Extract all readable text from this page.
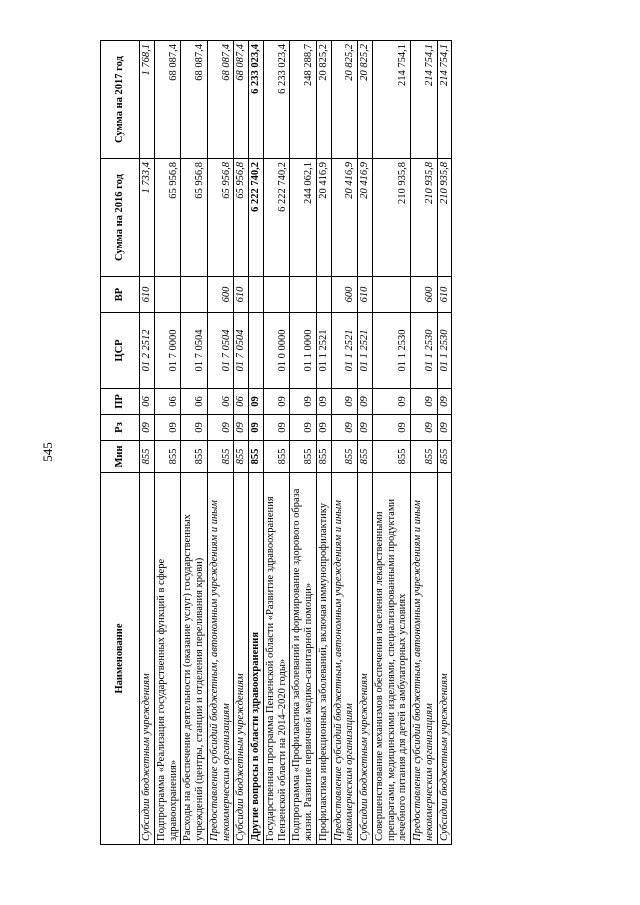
545
Наименование	Мин	Рз	ПР	ЦСР	ВР	Сумма на 2016 год	Сумма на 2017 год
Субсидии бюджетным учреждениям	855	09	06	01 2 2512	610	1 733,4	1 768,1
Подпрограмма «Реализация государственных функций в сфере здравоохранения»	855	09	06	01 7 0000		65 956,8	68 087,4
Расходы на обеспечение деятельности (оказание услуг) государственных учреждений (центры, станции и отделения переливания крови)	855	09	06	01 7 0504		65 956,8	68 087,4
Предоставление субсидий бюджетным, автономным учреждениям и иным некоммерческим организациям	855	09	06	01 7 0504	600	65 956,8	68 087,4
Субсидии бюджетным учреждениям	855	09	06	01 7 0504	610	65 956,8	68 087,4
Другие вопросы в области здравоохранения	855	09	09			6 222 740,2	6 233 023,4
Государственная программа Пензенской области «Развитие здравоохранения Пензенской области на 2014–2020 годы»	855	09	09	01 0 0000		6 222 740,2	6 233 023,4
Подпрограмма «Профилактика заболеваний и формирование здорового образа жизни. Развитие первичной медико-санитарной помощи»	855	09	09	01 1 0000		244 062,1	248 288,7
Профилактика инфекционных заболеваний, включая иммунопрофилактику	855	09	09	01 1 2521		20 416,9	20 825,2
Предоставление субсидий бюджетным, автономным учреждениям и иным некоммерческим организациям	855	09	09	01 1 2521	600	20 416,9	20 825,2
Субсидии бюджетным учреждениям	855	09	09	01 1 2521	610	20 416,9	20 825,2
Совершенствование механизмов обеспечения населения лекарственными препаратами, медицинскими изделиями, специализированными продуктами лечебного питания для детей в амбулаторных условиях	855	09	09	01 1 2530		210 935,8	214 754,1
Предоставление субсидий бюджетным, автономным учреждениям и иным некоммерческим организациям	855	09	09	01 1 2530	600	210 935,8	214 754,1
Субсидии бюджетным учреждениям	855	09	09	01 1 2530	610	210 935,8	214 754,1
